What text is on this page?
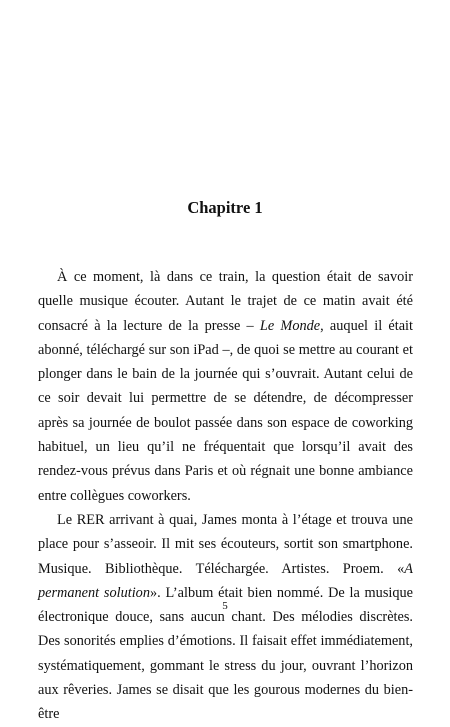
Chapitre 1

À ce moment, là dans ce train, la question était de savoir quelle musique écouter. Autant le trajet de ce matin avait été consacré à la lecture de la presse – Le Monde, auquel il était abonné, téléchargé sur son iPad –, de quoi se mettre au courant et plonger dans le bain de la journée qui s’ouvrait. Autant celui de ce soir devait lui permettre de se détendre, de décompresser après sa journée de boulot passée dans son espace de coworking habituel, un lieu qu’il ne fréquentait que lorsqu’il avait des rendez-vous prévus dans Paris et où régnait une bonne ambiance entre collègues coworkers.

Le RER arrivant à quai, James monta à l’étage et trouva une place pour s’asseoir. Il mit ses écouteurs, sortit son smartphone. Musique. Bibliothèque. Téléchargée. Artistes. Proem. «A permanent solution». L’album était bien nommé. De la musique électronique douce, sans aucun chant. Des mélodies discrètes. Des sonorités emplies d’émotions. Il faisait effet immédiatement, systématiquement, gommant le stress du jour, ouvrant l’horizon aux rêveries. James se disait que les gourous modernes du bien-être

5
